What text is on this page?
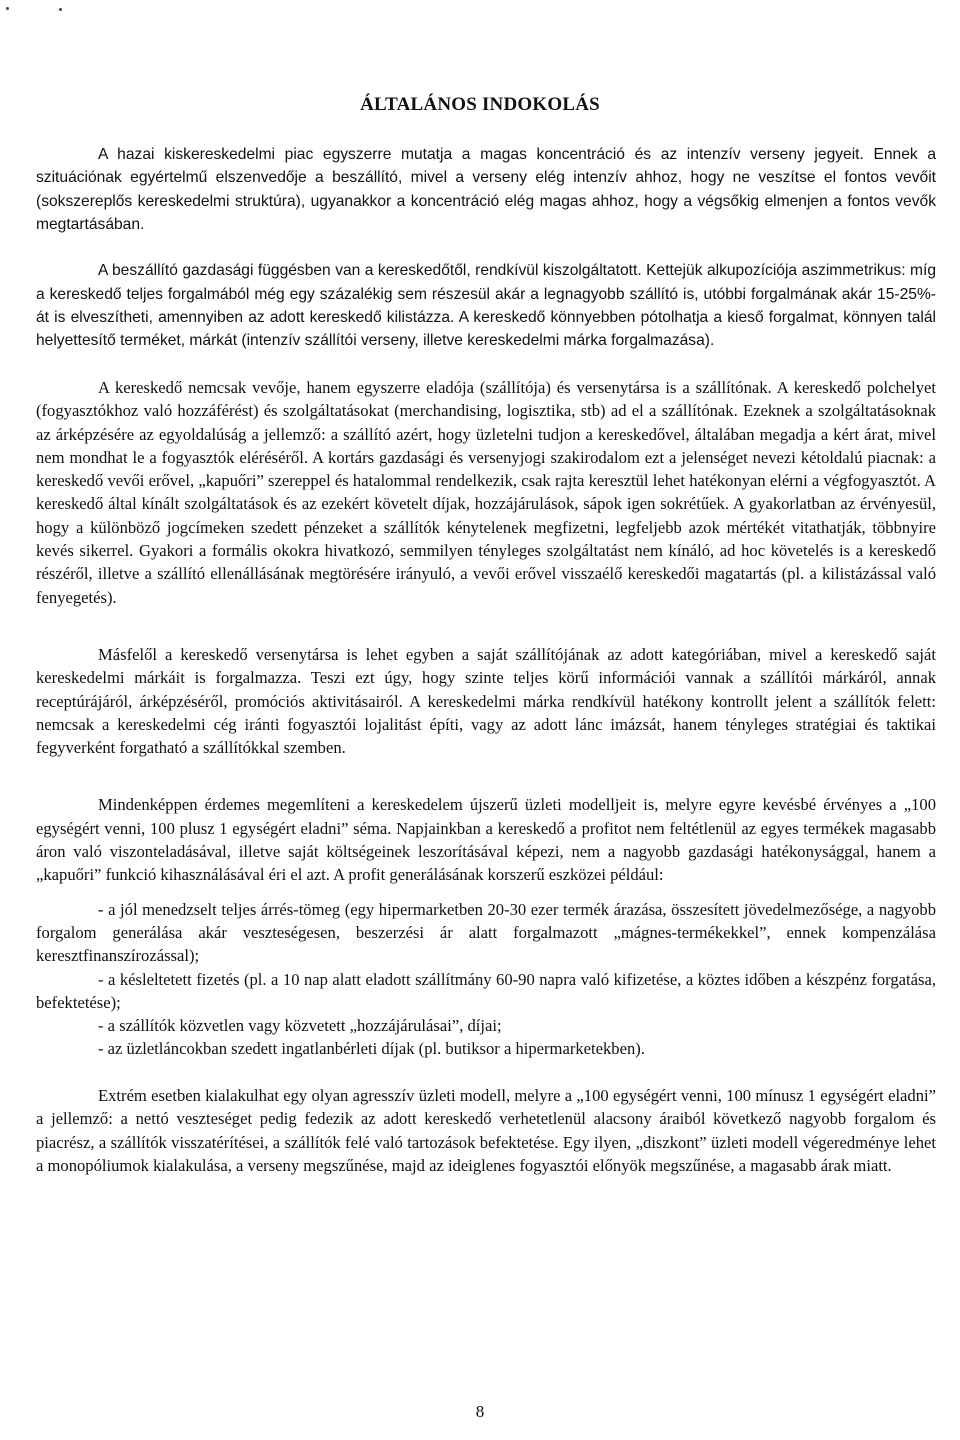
ÁLTALÁNOS INDOKOLÁS

A hazai kiskereskedelmi piac egyszerre mutatja a magas koncentráció és az intenzív verseny jegyeit. Ennek a szituációnak egyértelmű elszenvedője a beszállító, mivel a verseny elég intenzív ahhoz, hogy ne veszítse el fontos vevőit (sokszereplős kereskedelmi struktúra), ugyanakkor a koncentráció elég magas ahhoz, hogy a végsőkig elmenjen a fontos vevők megtartásában.

A beszállító gazdasági függésben van a kereskedőtől, rendkívül kiszolgáltatott. Kettejük alkupozíciója aszimmetrikus: míg a kereskedő teljes forgalmából még egy százalékig sem részesül akár a legnagyobb szállító is, utóbbi forgalmának akár 15-25%-át is elveszítheti, amennyiben az adott kereskedő kilistázza. A kereskedő könnyebben pótolhatja a kieső forgalmat, könnyen talál helyettesítő terméket, márkát (intenzív szállítói verseny, illetve kereskedelmi márka forgalmazása).

A kereskedő nemcsak vevője, hanem egyszerre eladója (szállítója) és versenytársa is a szállítónak. A kereskedő polchelyet (fogyasztókhoz való hozzáférést) és szolgáltatásokat (merchandising, logisztika, stb) ad el a szállítónak. Ezeknek a szolgáltatásoknak az árképzésére az egyoldalúság a jellemző: a szállító azért, hogy üzletelni tudjon a kereskedővel, általában megadja a kért árat, mivel nem mondhat le a fogyasztók eléréséről. A kortárs gazdasági és versenyjogi szakirodalom ezt a jelenséget nevezi kétoldalú piacnak: a kereskedő vevői erővel, „kapuőri” szereppel és hatalommal rendelkezik, csak rajta keresztül lehet hatékonyan elérni a végfogyasztót. A kereskedő által kínált szolgáltatások és az ezekért követelt díjak, hozzájárulások, sápok igen sokrétűek. A gyakorlatban az érvényesül, hogy a különböző jogcímeken szedett pénzeket a szállítók kénytelenek megfizetni, legfeljebb azok mértékét vitathatják, többnyire kevés sikerrel. Gyakori a formális okokra hivatkozó, semmilyen tényleges szolgáltatást nem kínáló, ad hoc követelés is a kereskedő részéről, illetve a szállító ellenállásának megtörésére irányuló, a vevői erővel visszaélő kereskedői magatartás (pl. a kilistázással való fenyegetés).

Másfelől a kereskedő versenytársa is lehet egyben a saját szállítójának az adott kategóriában, mivel a kereskedő saját kereskedelmi márkáit is forgalmazza. Teszi ezt úgy, hogy szinte teljes körű információi vannak a szállítói márkáról, annak receptúrájáról, árképzéséről, promóciós aktivitásairól. A kereskedelmi márka rendkívül hatékony kontrollt jelent a szállítók felett: nemcsak a kereskedelmi cég iránti fogyasztói lojalitást építi, vagy az adott lánc imázsát, hanem tényleges stratégiai és taktikai fegyverként forgatható a szállítókkal szemben.

Mindenképpen érdemes megemlíteni a kereskedelem újszerű üzleti modelljeit is, melyre egyre kevésbé érvényes a „100 egységért venni, 100 plusz 1 egységért eladni” séma. Napjainkban a kereskedő a profitot nem feltétlenül az egyes termékek magasabb áron való viszonteladásával, illetve saját költségeinek leszorításával képezi, nem a nagyobb gazdasági hatékonysággal, hanem a „kapuőri” funkció kihasználásával éri el azt. A profit generálásának korszerű eszközei például:

- a jól menedzselt teljes árrés-tömeg (egy hipermarketben 20-30 ezer termék árazása, összesített jövedelmezősége, a nagyobb forgalom generálása akár veszteségesen, beszerzési ár alatt forgalmazott „mágnes-termékekkel”, ennek kompenzálása keresztfinanszírozással);

- a késleltetett fizetés (pl. a 10 nap alatt eladott szállítmány 60-90 napra való kifizetése, a köztes időben a készpénz forgatása, befektetése);

- a szállítók közvetlen vagy közvetett „hozzájárulásai”, díjai;

- az üzletláncokban szedett ingatlanbérleti díjak (pl. butiksor a hipermarketekben).

Extrém esetben kialakulhat egy olyan agresszív üzleti modell, melyre a „100 egységért venni, 100 mínusz 1 egységért eladni” a jellemző: a nettó veszteséget pedig fedezik az adott kereskedő verhetetlenül alacsony áraiból következő nagyobb forgalom és piacrész, a szállítók visszatérítései, a szállítók felé való tartozások befektetése. Egy ilyen, „diszkont” üzleti modell végeredménye lehet a monopóliumok kialakulása, a verseny megszűnése, majd az ideiglenes fogyasztói előnyök megszűnése, a magasabb árak miatt.

8
